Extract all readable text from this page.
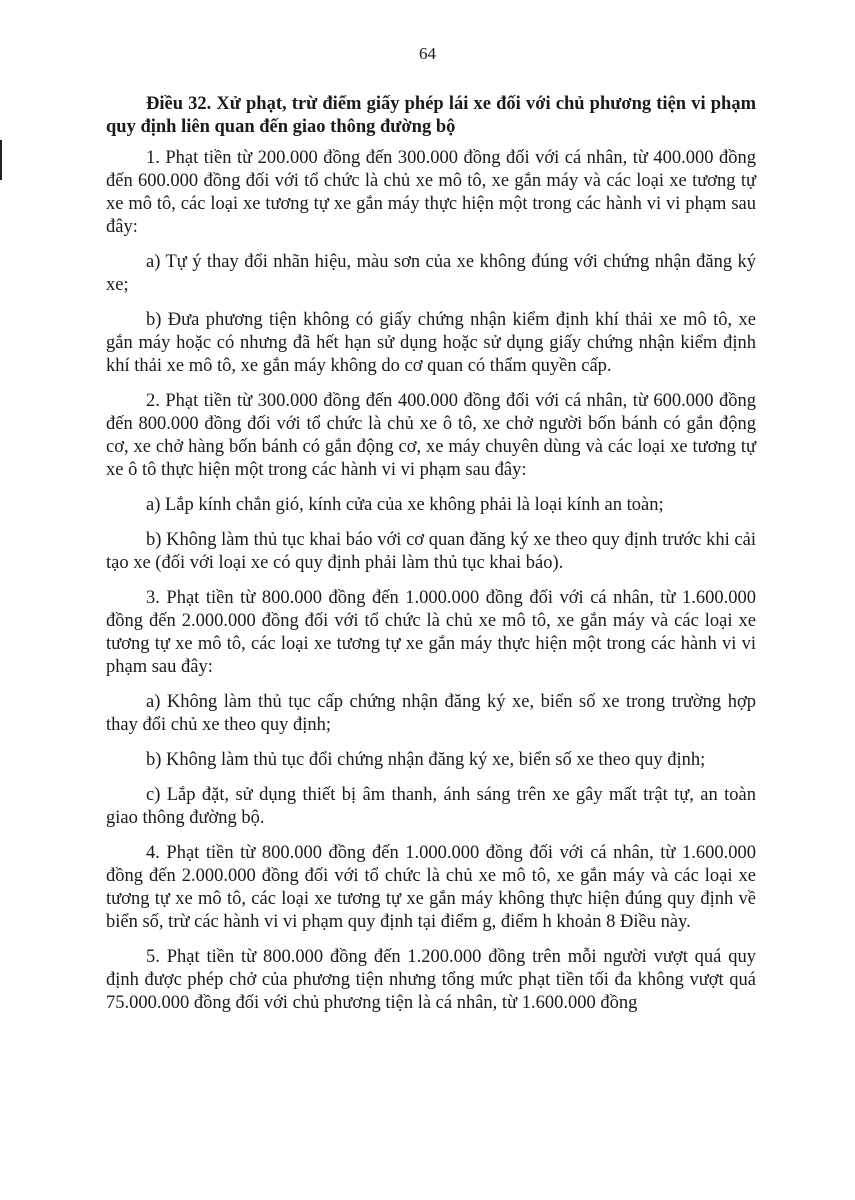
64

Điều 32. Xử phạt, trừ điểm giấy phép lái xe đối với chủ phương tiện vi phạm quy định liên quan đến giao thông đường bộ

1. Phạt tiền từ 200.000 đồng đến 300.000 đồng đối với cá nhân, từ 400.000 đồng đến 600.000 đồng đối với tổ chức là chủ xe mô tô, xe gắn máy và các loại xe tương tự xe mô tô, các loại xe tương tự xe gắn máy thực hiện một trong các hành vi vi phạm sau đây:

a) Tự ý thay đổi nhãn hiệu, màu sơn của xe không đúng với chứng nhận đăng ký xe;

b) Đưa phương tiện không có giấy chứng nhận kiểm định khí thải xe mô tô, xe gắn máy hoặc có nhưng đã hết hạn sử dụng hoặc sử dụng giấy chứng nhận kiểm định khí thải xe mô tô, xe gắn máy không do cơ quan có thẩm quyền cấp.

2. Phạt tiền từ 300.000 đồng đến 400.000 đồng đối với cá nhân, từ 600.000 đồng đến 800.000 đồng đối với tổ chức là chủ xe ô tô, xe chở người bốn bánh có gắn động cơ, xe chở hàng bốn bánh có gắn động cơ, xe máy chuyên dùng và các loại xe tương tự xe ô tô thực hiện một trong các hành vi vi phạm sau đây:

a) Lắp kính chắn gió, kính cửa của xe không phải là loại kính an toàn;

b) Không làm thủ tục khai báo với cơ quan đăng ký xe theo quy định trước khi cải tạo xe (đối với loại xe có quy định phải làm thủ tục khai báo).

3. Phạt tiền từ 800.000 đồng đến 1.000.000 đồng đối với cá nhân, từ 1.600.000 đồng đến 2.000.000 đồng đối với tổ chức là chủ xe mô tô, xe gắn máy và các loại xe tương tự xe mô tô, các loại xe tương tự xe gắn máy thực hiện một trong các hành vi vi phạm sau đây:

a) Không làm thủ tục cấp chứng nhận đăng ký xe, biển số xe trong trường hợp thay đổi chủ xe theo quy định;

b) Không làm thủ tục đổi chứng nhận đăng ký xe, biển số xe theo quy định;

c) Lắp đặt, sử dụng thiết bị âm thanh, ánh sáng trên xe gây mất trật tự, an toàn giao thông đường bộ.

4. Phạt tiền từ 800.000 đồng đến 1.000.000 đồng đối với cá nhân, từ 1.600.000 đồng đến 2.000.000 đồng đối với tổ chức là chủ xe mô tô, xe gắn máy và các loại xe tương tự xe mô tô, các loại xe tương tự xe gắn máy không thực hiện đúng quy định về biển số, trừ các hành vi vi phạm quy định tại điểm g, điểm h khoản 8 Điều này.

5. Phạt tiền từ 800.000 đồng đến 1.200.000 đồng trên mỗi người vượt quá quy định được phép chở của phương tiện nhưng tổng mức phạt tiền tối đa không vượt quá 75.000.000 đồng đối với chủ phương tiện là cá nhân, từ 1.600.000 đồng
